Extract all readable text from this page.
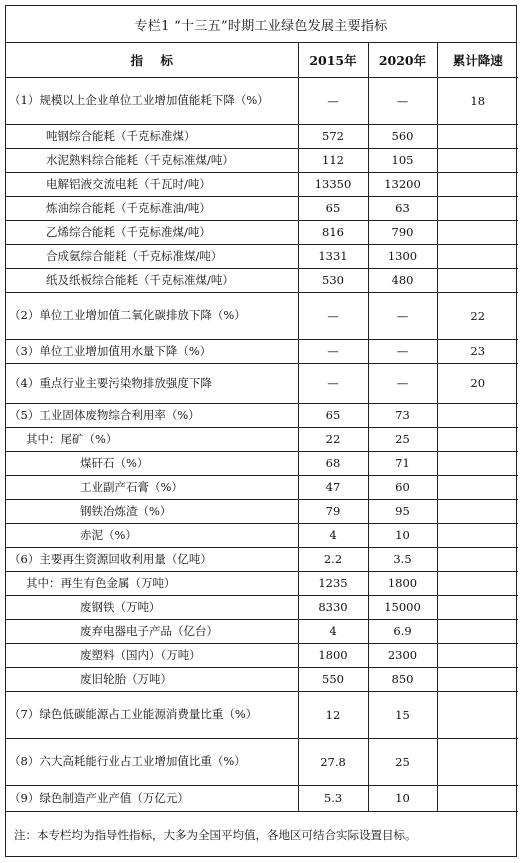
专栏1 “十三五”时期工业绿色发展主要指标
指    标	2015年	2020年	累计降速
（1）规模以上企业单位工业增加值能耗下降（%）	—	—	18
吨钢综合能耗（千克标准煤）	572	560	
水泥熟料综合能耗（千克标准煤/吨）	112	105	
电解铝液交流电耗（千瓦时/吨）	13350	13200	
炼油综合能耗（千克标准油/吨）	65	63	
乙烯综合能耗（千克标准煤/吨）	816	790	
合成氨综合能耗（千克标准煤/吨）	1331	1300	
纸及纸板综合能耗（千克标准煤/吨）	530	480	
（2）单位工业增加值二氧化碳排放下降（%）	—	—	22
（3）单位工业增加值用水量下降（%）	—	—	23
（4）重点行业主要污染物排放强度下降	—	—	20
（5）工业固体废物综合利用率（%）	65	73	
其中：尾矿（%）	22	25	
煤矸石（%）	68	71	
工业副产石膏（%）	47	60	
钢铁冶炼渣（%）	79	95	
赤泥（%）	4	10	
（6）主要再生资源回收利用量（亿吨）	2.2	3.5	
其中：再生有色金属（万吨）	1235	1800	
废钢铁（万吨）	8330	15000	
废弃电器电子产品（亿台）	4	6.9	
废塑料（国内）（万吨）	1800	2300	
废旧轮胎（万吨）	550	850	
（7）绿色低碳能源占工业能源消费量比重（%）	12	15	
（8）六大高耗能行业占工业增加值比重（%）	27.8	25	
（9）绿色制造产业产值（万亿元）	5.3	10	
注：本专栏均为指导性指标，大多为全国平均值，各地区可结合实际设置目标。
